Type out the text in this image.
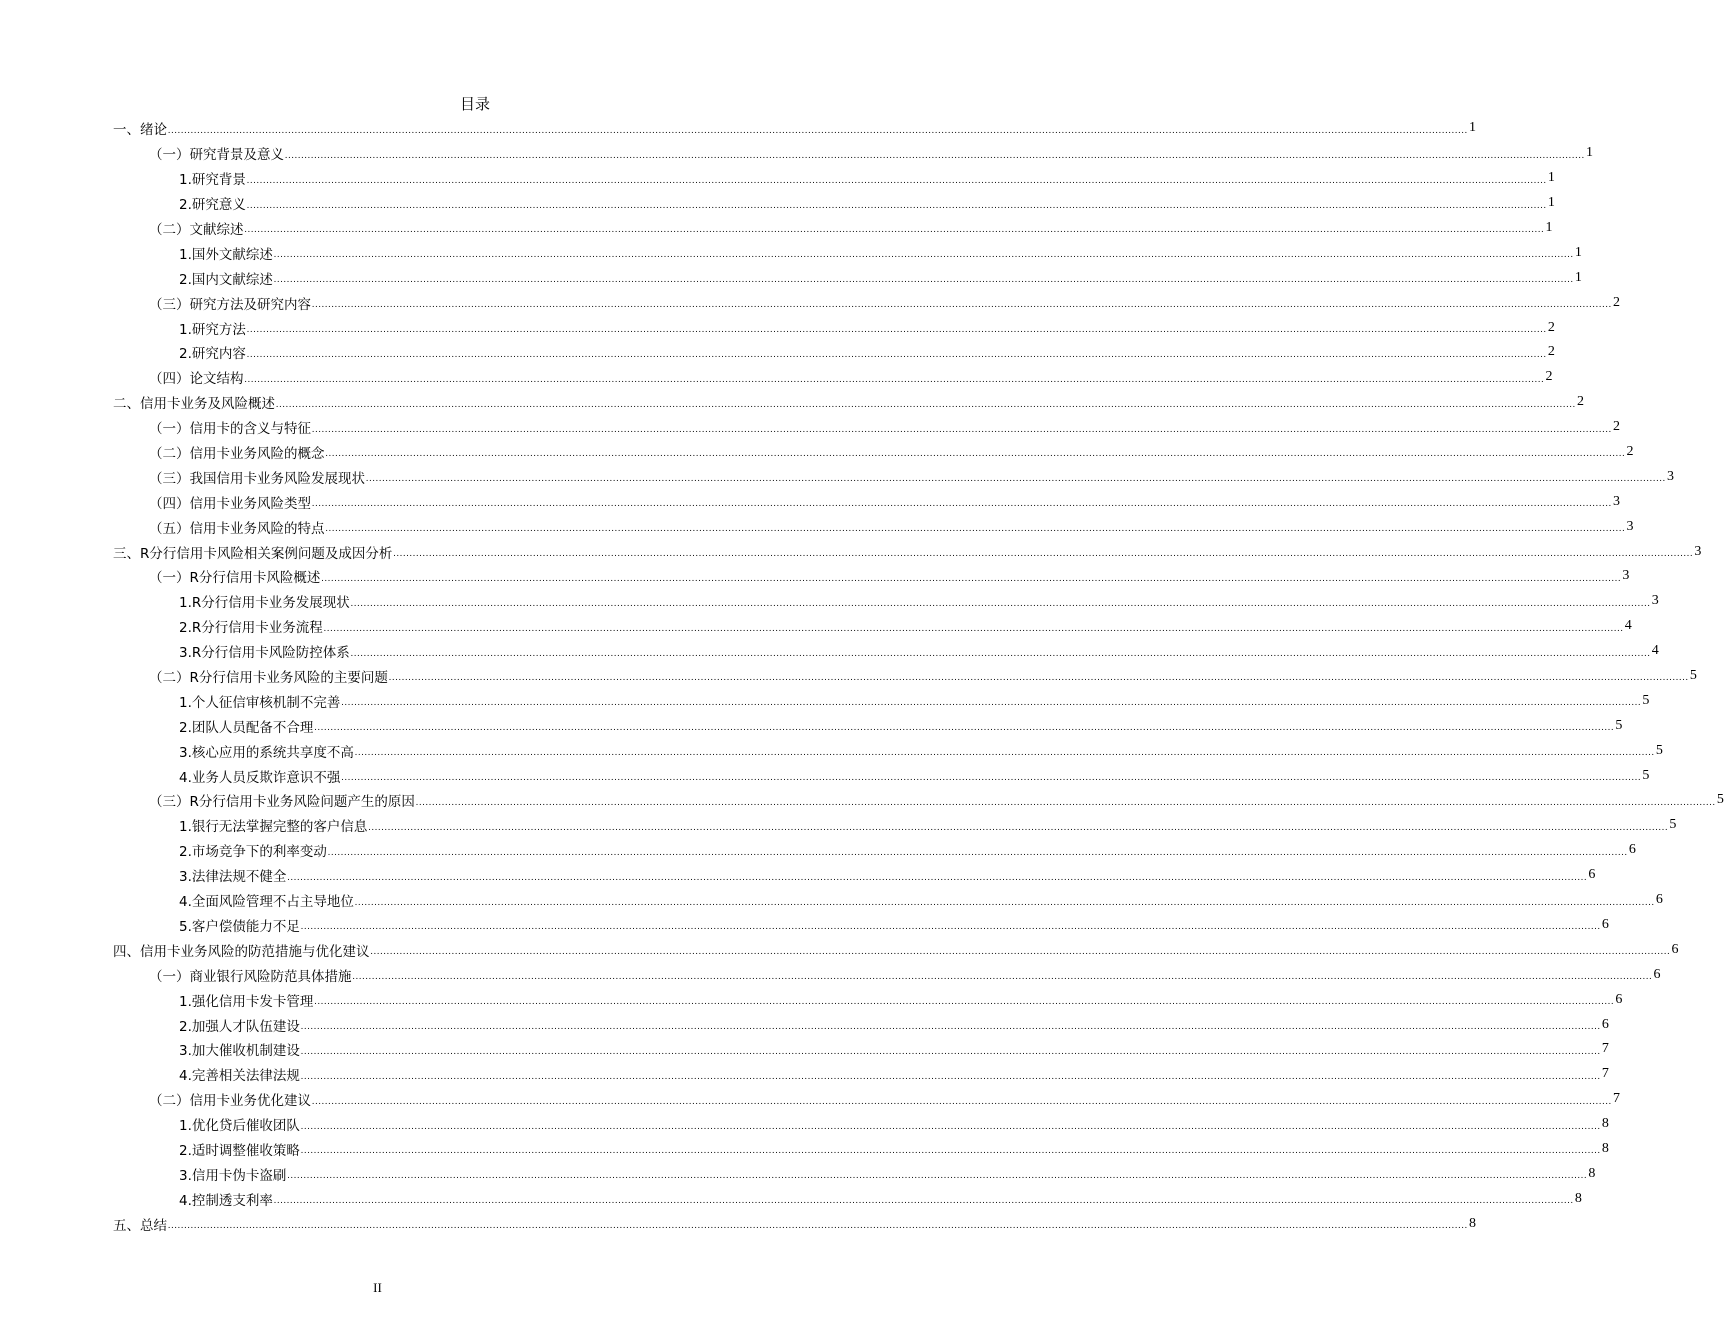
目录
一、绪论 ................................................................................................................................................................................................................................................................................................................................................................................................................ 1
（一）研究背景及意义 ................................................................................................................................................................................................................................................................................................................................................................................................................ 1
1.研究背景 ................................................................................................................................................................................................................................................................................................................................................................................................................ 1
2.研究意义 ................................................................................................................................................................................................................................................................................................................................................................................................................ 1
（二）文献综述 ................................................................................................................................................................................................................................................................................................................................................................................................................ 1
1.国外文献综述 ................................................................................................................................................................................................................................................................................................................................................................................................................ 1
2.国内文献综述 ................................................................................................................................................................................................................................................................................................................................................................................................................ 1
（三）研究方法及研究内容 ................................................................................................................................................................................................................................................................................................................................................................................................................ 2
1.研究方法 ................................................................................................................................................................................................................................................................................................................................................................................................................ 2
2.研究内容 ................................................................................................................................................................................................................................................................................................................................................................................................................ 2
（四）论文结构 ................................................................................................................................................................................................................................................................................................................................................................................................................ 2
二、信用卡业务及风险概述 ................................................................................................................................................................................................................................................................................................................................................................................................................ 2
（一）信用卡的含义与特征 ................................................................................................................................................................................................................................................................................................................................................................................................................ 2
（二）信用卡业务风险的概念 ................................................................................................................................................................................................................................................................................................................................................................................................................ 2
（三）我国信用卡业务风险发展现状 ................................................................................................................................................................................................................................................................................................................................................................................................................ 3
（四）信用卡业务风险类型 ................................................................................................................................................................................................................................................................................................................................................................................................................ 3
（五）信用卡业务风险的特点 ................................................................................................................................................................................................................................................................................................................................................................................................................ 3
三、R分行信用卡风险相关案例问题及成因分析 ................................................................................................................................................................................................................................................................................................................................................................................................................ 3
（一）R分行信用卡风险概述 ................................................................................................................................................................................................................................................................................................................................................................................................................ 3
1.R分行信用卡业务发展现状 ................................................................................................................................................................................................................................................................................................................................................................................................................ 3
2.R分行信用卡业务流程 ................................................................................................................................................................................................................................................................................................................................................................................................................ 4
3.R分行信用卡风险防控体系 ................................................................................................................................................................................................................................................................................................................................................................................................................ 4
（二）R分行信用卡业务风险的主要问题 ................................................................................................................................................................................................................................................................................................................................................................................................................ 5
1.个人征信审核机制不完善 ................................................................................................................................................................................................................................................................................................................................................................................................................ 5
2.团队人员配备不合理 ................................................................................................................................................................................................................................................................................................................................................................................................................ 5
3.核心应用的系统共享度不高 ................................................................................................................................................................................................................................................................................................................................................................................................................ 5
4.业务人员反欺诈意识不强 ................................................................................................................................................................................................................................................................................................................................................................................................................ 5
（三）R分行信用卡业务风险问题产生的原因 ................................................................................................................................................................................................................................................................................................................................................................................................................ 5
1.银行无法掌握完整的客户信息 ................................................................................................................................................................................................................................................................................................................................................................................................................ 5
2.市场竞争下的利率变动 ................................................................................................................................................................................................................................................................................................................................................................................................................ 6
3.法律法规不健全 ................................................................................................................................................................................................................................................................................................................................................................................................................ 6
4.全面风险管理不占主导地位 ................................................................................................................................................................................................................................................................................................................................................................................................................ 6
5.客户偿债能力不足 ................................................................................................................................................................................................................................................................................................................................................................................................................ 6
四、信用卡业务风险的防范措施与优化建议 ................................................................................................................................................................................................................................................................................................................................................................................................................ 6
（一）商业银行风险防范具体措施 ................................................................................................................................................................................................................................................................................................................................................................................................................ 6
1.强化信用卡发卡管理 ................................................................................................................................................................................................................................................................................................................................................................................................................ 6
2.加强人才队伍建设 ................................................................................................................................................................................................................................................................................................................................................................................................................ 6
3.加大催收机制建设 ................................................................................................................................................................................................................................................................................................................................................................................................................ 7
4.完善相关法律法规 ................................................................................................................................................................................................................................................................................................................................................................................................................ 7
（二）信用卡业务优化建议 ................................................................................................................................................................................................................................................................................................................................................................................................................ 7
1.优化贷后催收团队 ................................................................................................................................................................................................................................................................................................................................................................................................................ 8
2.适时调整催收策略 ................................................................................................................................................................................................................................................................................................................................................................................................................ 8
3.信用卡伪卡盗刷 ................................................................................................................................................................................................................................................................................................................................................................................................................ 8
4.控制透支利率 ................................................................................................................................................................................................................................................................................................................................................................................................................ 8
五、总结 ................................................................................................................................................................................................................................................................................................................................................................................................................ 8
II
